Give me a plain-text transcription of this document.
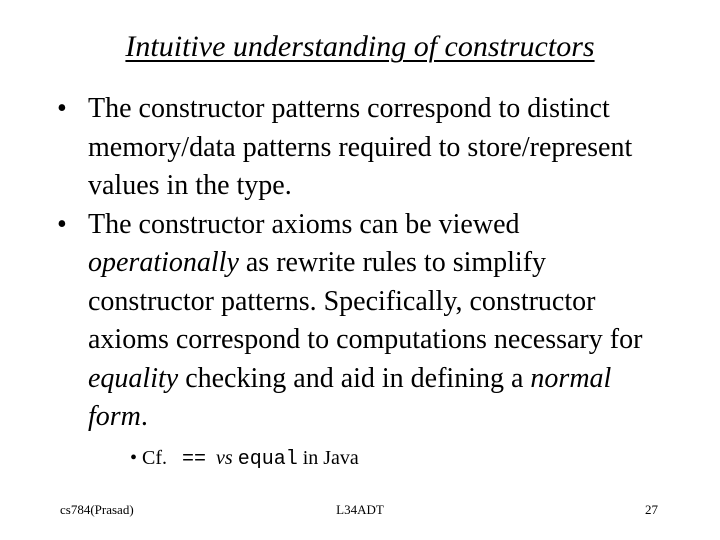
Intuitive understanding of constructors
• The constructor patterns correspond to distinct memory/data patterns required to store/represent values in the type.
• The constructor axioms can be viewed operationally as rewrite rules to simplify constructor patterns. Specifically, constructor axioms correspond to computations necessary for equality checking and aid in defining a normal form.
• Cf. == vs equal in Java
cs784(Prasad)	L34ADT	27
